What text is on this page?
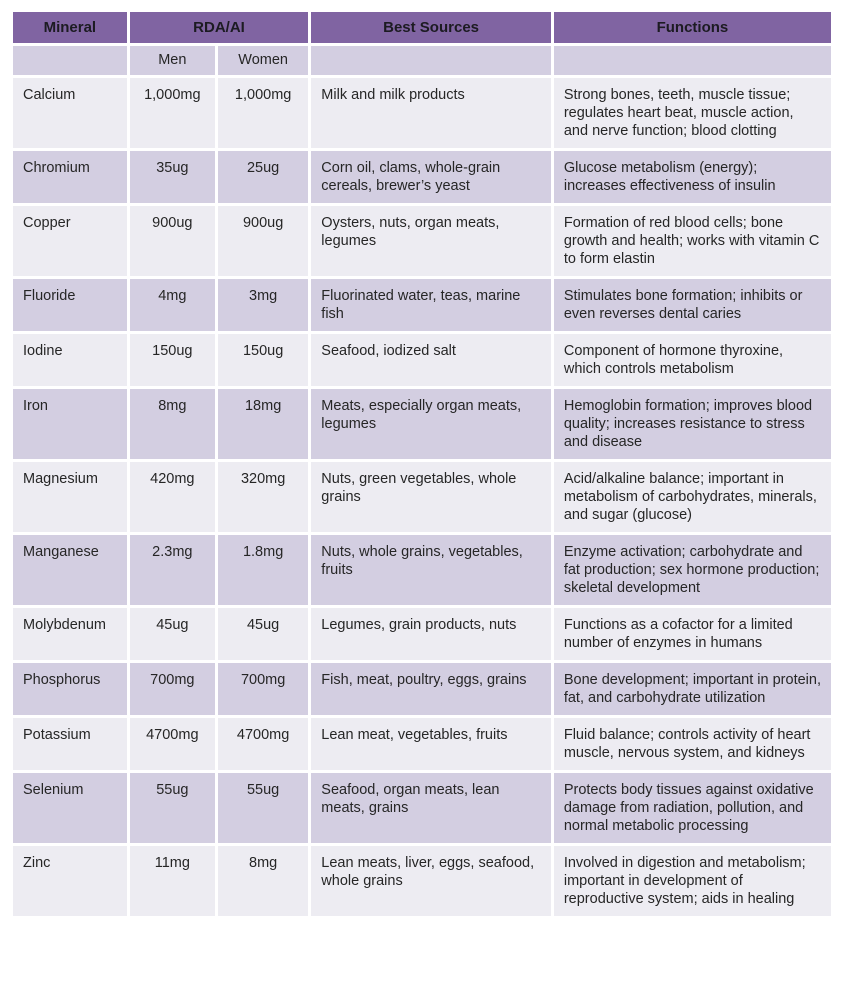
Mineral	RDA/AI		Best Sources	Functions
	Men	Women		
Calcium	1,000mg	1,000mg	Milk and milk products	Strong bones, teeth, muscle tissue; regulates heart beat, muscle action, and nerve function; blood clotting
Chromium	35ug	25ug	Corn oil, clams, whole-grain cereals, brewer’s yeast	Glucose metabolism (energy); increases effectiveness of insulin
Copper	900ug	900ug	Oysters, nuts, organ meats, legumes	Formation of red blood cells; bone growth and health; works with vitamin C to form elastin
Fluoride	4mg	3mg	Fluorinated water, teas, marine fish	Stimulates bone formation; inhibits or even reverses dental caries
Iodine	150ug	150ug	Seafood, iodized salt	Component of hormone thyroxine, which controls metabolism
Iron	8mg	18mg	Meats, especially organ meats, legumes	Hemoglobin formation; improves blood quality; increases resistance to stress and disease
Magnesium	420mg	320mg	Nuts, green vegetables, whole grains	Acid/alkaline balance; important in metabolism of carbohydrates, minerals, and sugar (glucose)
Manganese	2.3mg	1.8mg	Nuts, whole grains, vegetables, fruits	Enzyme activation; carbohydrate and fat production; sex hormone production; skeletal development
Molybdenum	45ug	45ug	Legumes, grain products, nuts	Functions as a cofactor for a limited number of enzymes in humans
Phosphorus	700mg	700mg	Fish, meat, poultry, eggs, grains	Bone development; important in protein, fat, and carbohydrate utilization
Potassium	4700mg	4700mg	Lean meat, vegetables, fruits	Fluid balance; controls activity of heart muscle, nervous system, and kidneys
Selenium	55ug	55ug	Seafood, organ meats, lean meats, grains	Protects body tissues against oxidative damage from radiation, pollution, and normal metabolic processing
Zinc	11mg	8mg	Lean meats, liver, eggs, seafood, whole grains	Involved in digestion and metabolism; important in development of reproductive system; aids in healing
